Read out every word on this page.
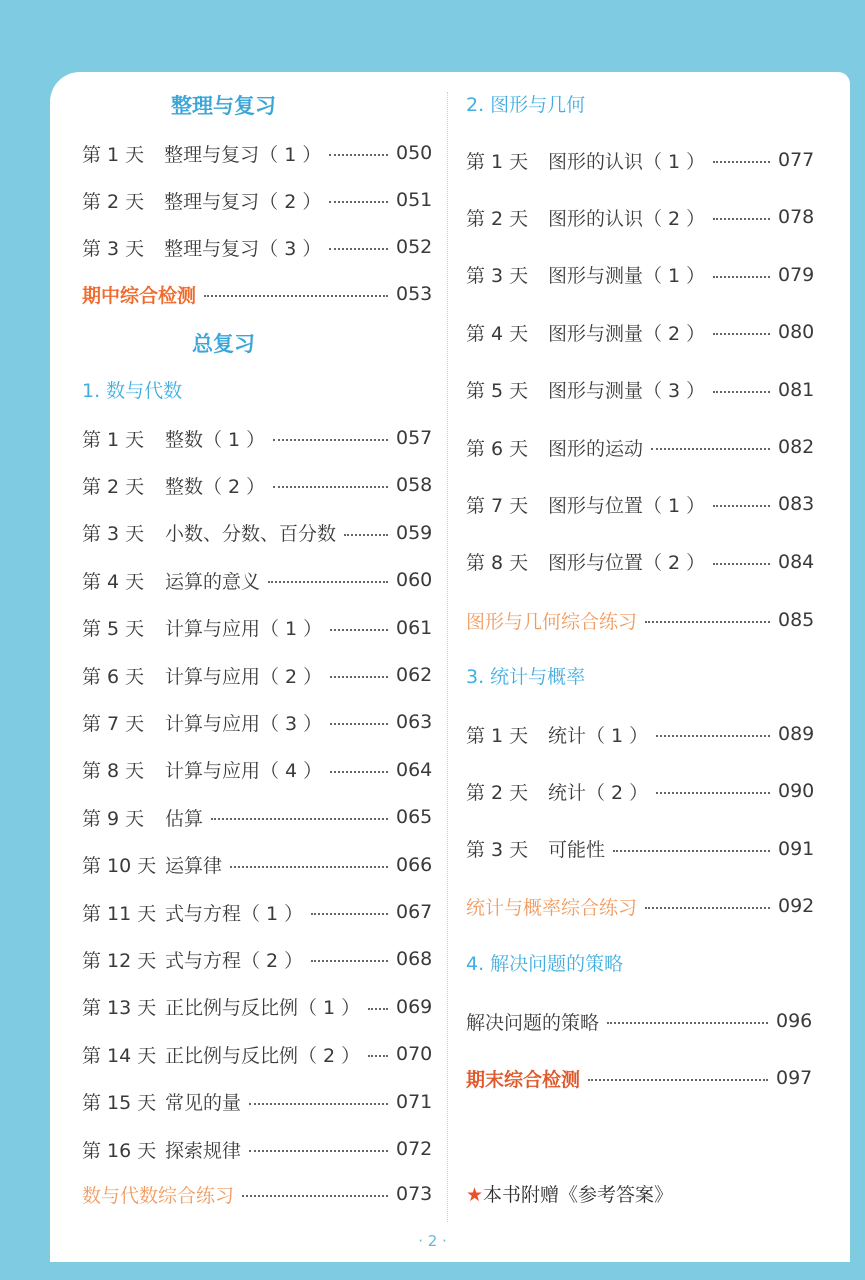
整理与复习
第 1 天 整理与复习（ 1 ）	050
第 2 天 整理与复习（ 2 ）	051
第 3 天 整理与复习（ 3 ）	052
期中综合检测	053
总复习
1. 数与代数
第 1 天	整数（ 1 ）	057
第 2 天	整数（ 2 ）	058
第 3 天	小数、分数、百分数	059
第 4 天	运算的意义	060
第 5 天	计算与应用（ 1 ）	061
第 6 天	计算与应用（ 2 ）	062
第 7 天	计算与应用（ 3 ）	063
第 8 天	计算与应用（ 4 ）	064
第 9 天	估算	065
第 10 天 运算律	066
第 11 天 式与方程（ 1 ）	067
第 12 天 式与方程（ 2 ）	068
第 13 天 正比例与反比例（ 1 ） 069
第 14 天 正比例与反比例（ 2 ） 070
第 15 天 常见的量	071
第 16 天 探索规律	072
数与代数综合练习	073
2. 图形与几何
第 1 天	图形的认识（ 1 ）	077
第 2 天	图形的认识（ 2 ）	078
第 3 天	图形与测量（ 1 ）	079
第 4 天	图形与测量（ 2 ）	080
第 5 天	图形与测量（ 3 ）	081
第 6 天	图形的运动	082
第 7 天	图形与位置（ 1 ）	083
第 8 天	图形与位置（ 2 ）	084
图形与几何综合练习	085
3. 统计与概率
第 1 天	统计（ 1 ）	089
第 2 天	统计（ 2 ）	090
第 3 天	可能性	091
统计与概率综合练习	092
4. 解决问题的策略
解决问题的策略	096
期末综合检测	097
★本书附赠《参考答案》
· 2 ·
